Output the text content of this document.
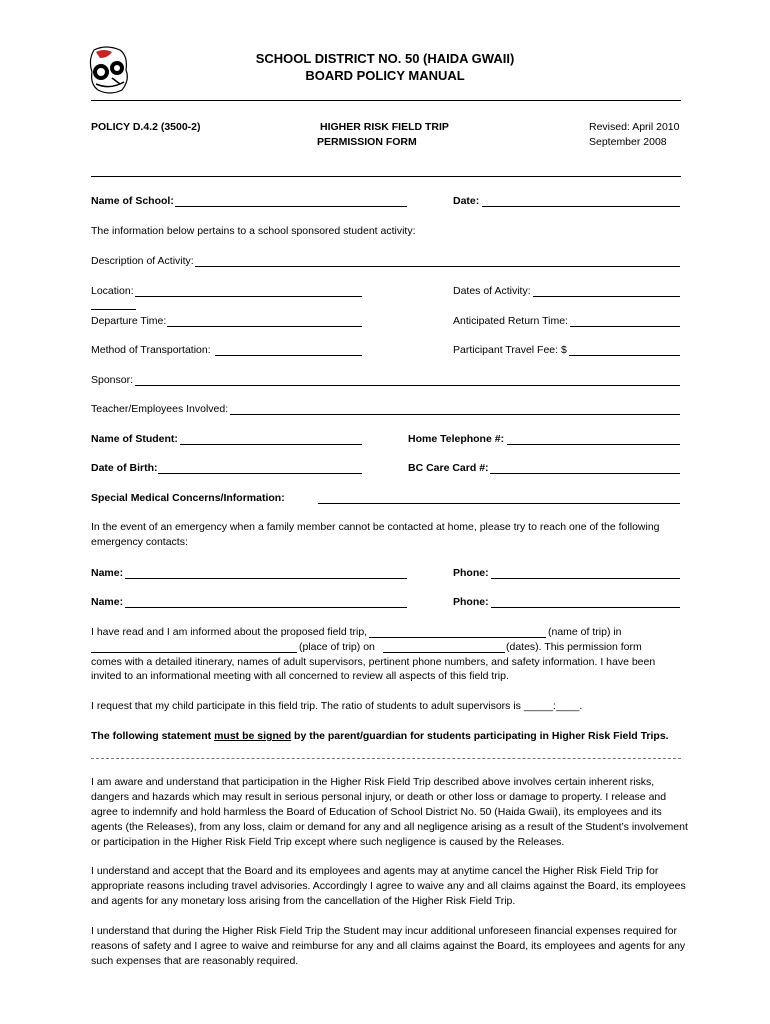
SCHOOL DISTRICT NO. 50 (HAIDA GWAII)
BOARD POLICY MANUAL
POLICY D.4.2 (3500-2)	HIGHER RISK FIELD TRIP
PERMISSION FORM
Revised: April 2010
September 2008
Name of School:	Date:
The information below pertains to a school sponsored student activity:
Description of Activity:
Location:	Dates of Activity:
Departure Time:	Anticipated Return Time:
Method of Transportation:	Participant Travel Fee: $
Sponsor:
Teacher/Employees Involved:
Name of Student:	Home Telephone #:
Date of Birth:	BC Care Card #:
Special Medical Concerns/Information:
In the event of an emergency when a family member cannot be contacted at home, please try to reach one of the following
emergency contacts:
Name:	Phone:
Name:	Phone:
I have read and I am informed about the proposed field trip,	(name of trip) in
(place of trip) on	(dates). This permission form
comes with a detailed itinerary, names of adult supervisors, pertinent phone numbers, and safety information. I have been
invited to an informational meeting with all concerned to review all aspects of this field trip.
I request that my child participate in this field trip. The ratio of students to adult supervisors is _____:____.
The following statement must be signed by the parent/guardian for students participating in Higher Risk Field Trips.
I am aware and understand that participation in the Higher Risk Field Trip described above involves certain inherent risks, dangers and hazards which may result in serious personal injury, or death or other loss or damage to property. I release and agree to indemnify and hold harmless the Board of Education of School District No. 50 (Haida Gwaii), its employees and its agents (the Releases), from any loss, claim or demand for any and all negligence arising as a result of the Student’s involvement or participation in the Higher Risk Field Trip except where such negligence is caused by the Releases.
I understand and accept that the Board and its employees and agents may at anytime cancel the Higher Risk Field Trip for appropriate reasons including travel advisories. Accordingly I agree to waive any and all claims against the Board, its employees and agents for any monetary loss arising from the cancellation of the Higher Risk Field Trip.
I understand that during the Higher Risk Field Trip the Student may incur additional unforeseen financial expenses required for reasons of safety and I agree to waive and reimburse for any and all claims against the Board, its employees and agents for any such expenses that are reasonably required.
